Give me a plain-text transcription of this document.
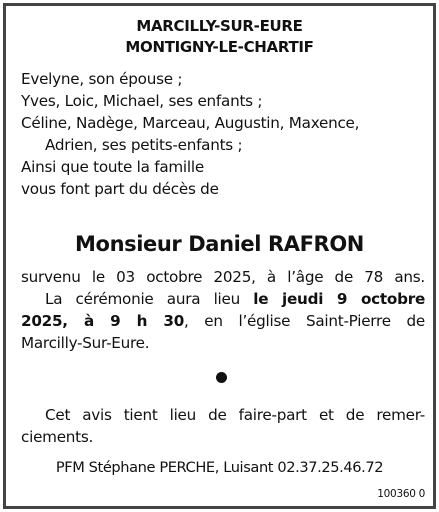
MARCILLY-SUR-EURE
MONTIGNY-LE-CHARTIF
Evelyne, son épouse ;
Yves, Loic, Michael, ses enfants ;
Céline, Nadège, Marceau, Augustin, Maxence,
Adrien, ses petits-enfants ;
Ainsi que toute la famille
vous font part du décès de
Monsieur Daniel RAFRON
survenu le 03 octobre 2025, à l’âge de 78 ans.
La cérémonie aura lieu le jeudi 9 octobre
2025, à 9 h 30, en l’église Saint-Pierre de
Marcilly-Sur-Eure.
Cet avis tient lieu de faire-part et de remer-
ciements.
PFM Stéphane PERCHE, Luisant 02.37.25.46.72
100360 0
